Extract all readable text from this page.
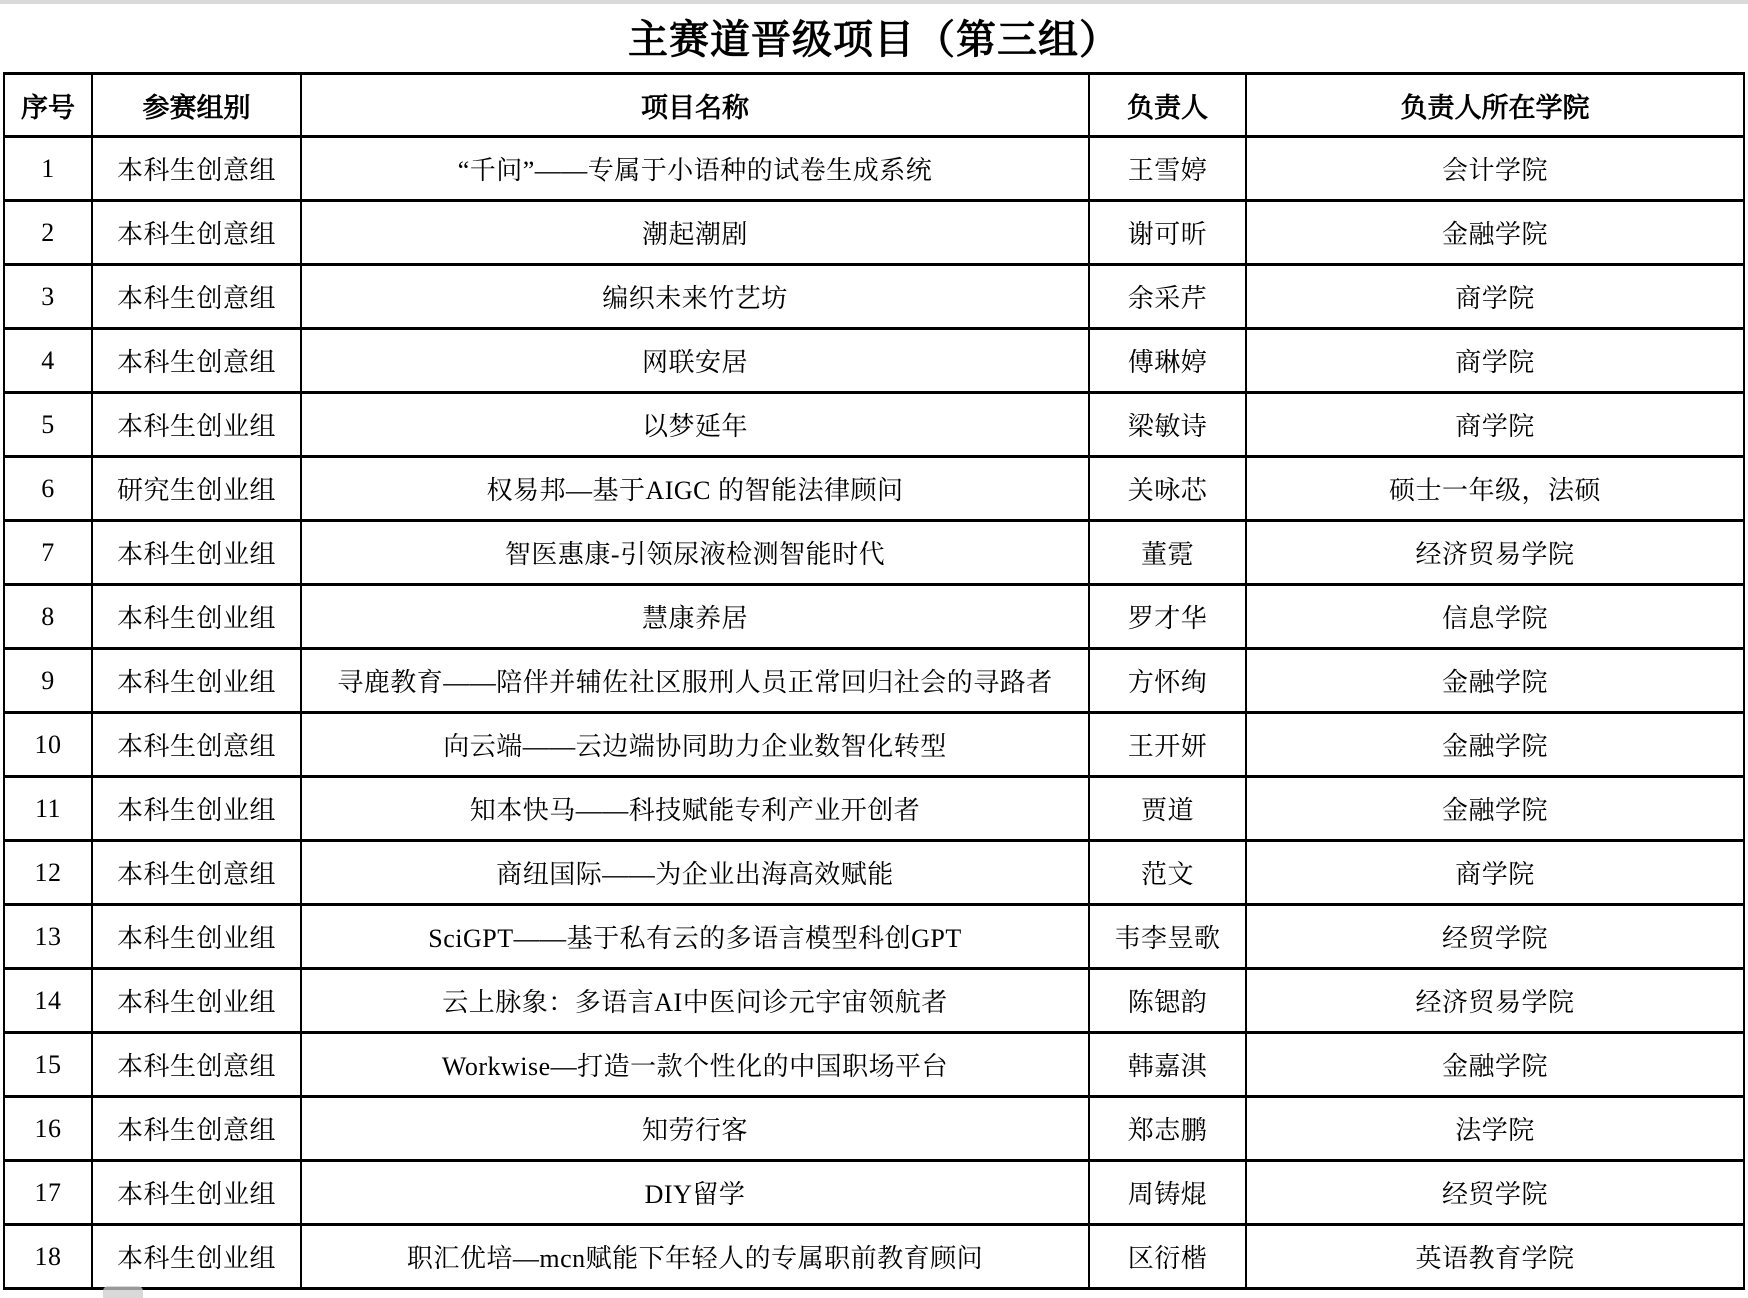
主赛道晋级项目（第三组）
序号	参赛组别	项目名称	负责人	负责人所在学院
1	本科生创意组	“千问”——专属于小语种的试卷生成系统	王雪婷	会计学院
2	本科生创意组	潮起潮剧	谢可昕	金融学院
3	本科生创意组	编织未来竹艺坊	余采芹	商学院
4	本科生创意组	网联安居	傅琳婷	商学院
5	本科生创业组	以梦延年	梁敏诗	商学院
6	研究生创业组	权易邦—基于AIGC 的智能法律顾问	关咏芯	硕士一年级，法硕
7	本科生创业组	智医惠康-引领尿液检测智能时代	董霓	经济贸易学院
8	本科生创业组	慧康养居	罗才华	信息学院
9	本科生创业组	寻鹿教育——陪伴并辅佐社区服刑人员正常回归社会的寻路者	方怀绚	金融学院
10	本科生创意组	向云端——云边端协同助力企业数智化转型	王开妍	金融学院
11	本科生创业组	知本快马——科技赋能专利产业开创者	贾道	金融学院
12	本科生创意组	商纽国际——为企业出海高效赋能	范文	商学院
13	本科生创业组	SciGPT——基于私有云的多语言模型科创GPT	韦李昱歌	经贸学院
14	本科生创业组	云上脉象：多语言AI中医问诊元宇宙领航者	陈锶韵	经济贸易学院
15	本科生创意组	Workwise—打造一款个性化的中国职场平台	韩嘉淇	金融学院
16	本科生创意组	知劳行客	郑志鹏	法学院
17	本科生创业组	DIY留学	周铸焜	经贸学院
18	本科生创业组	职汇优培—mcn赋能下年轻人的专属职前教育顾问	区衍楷	英语教育学院
